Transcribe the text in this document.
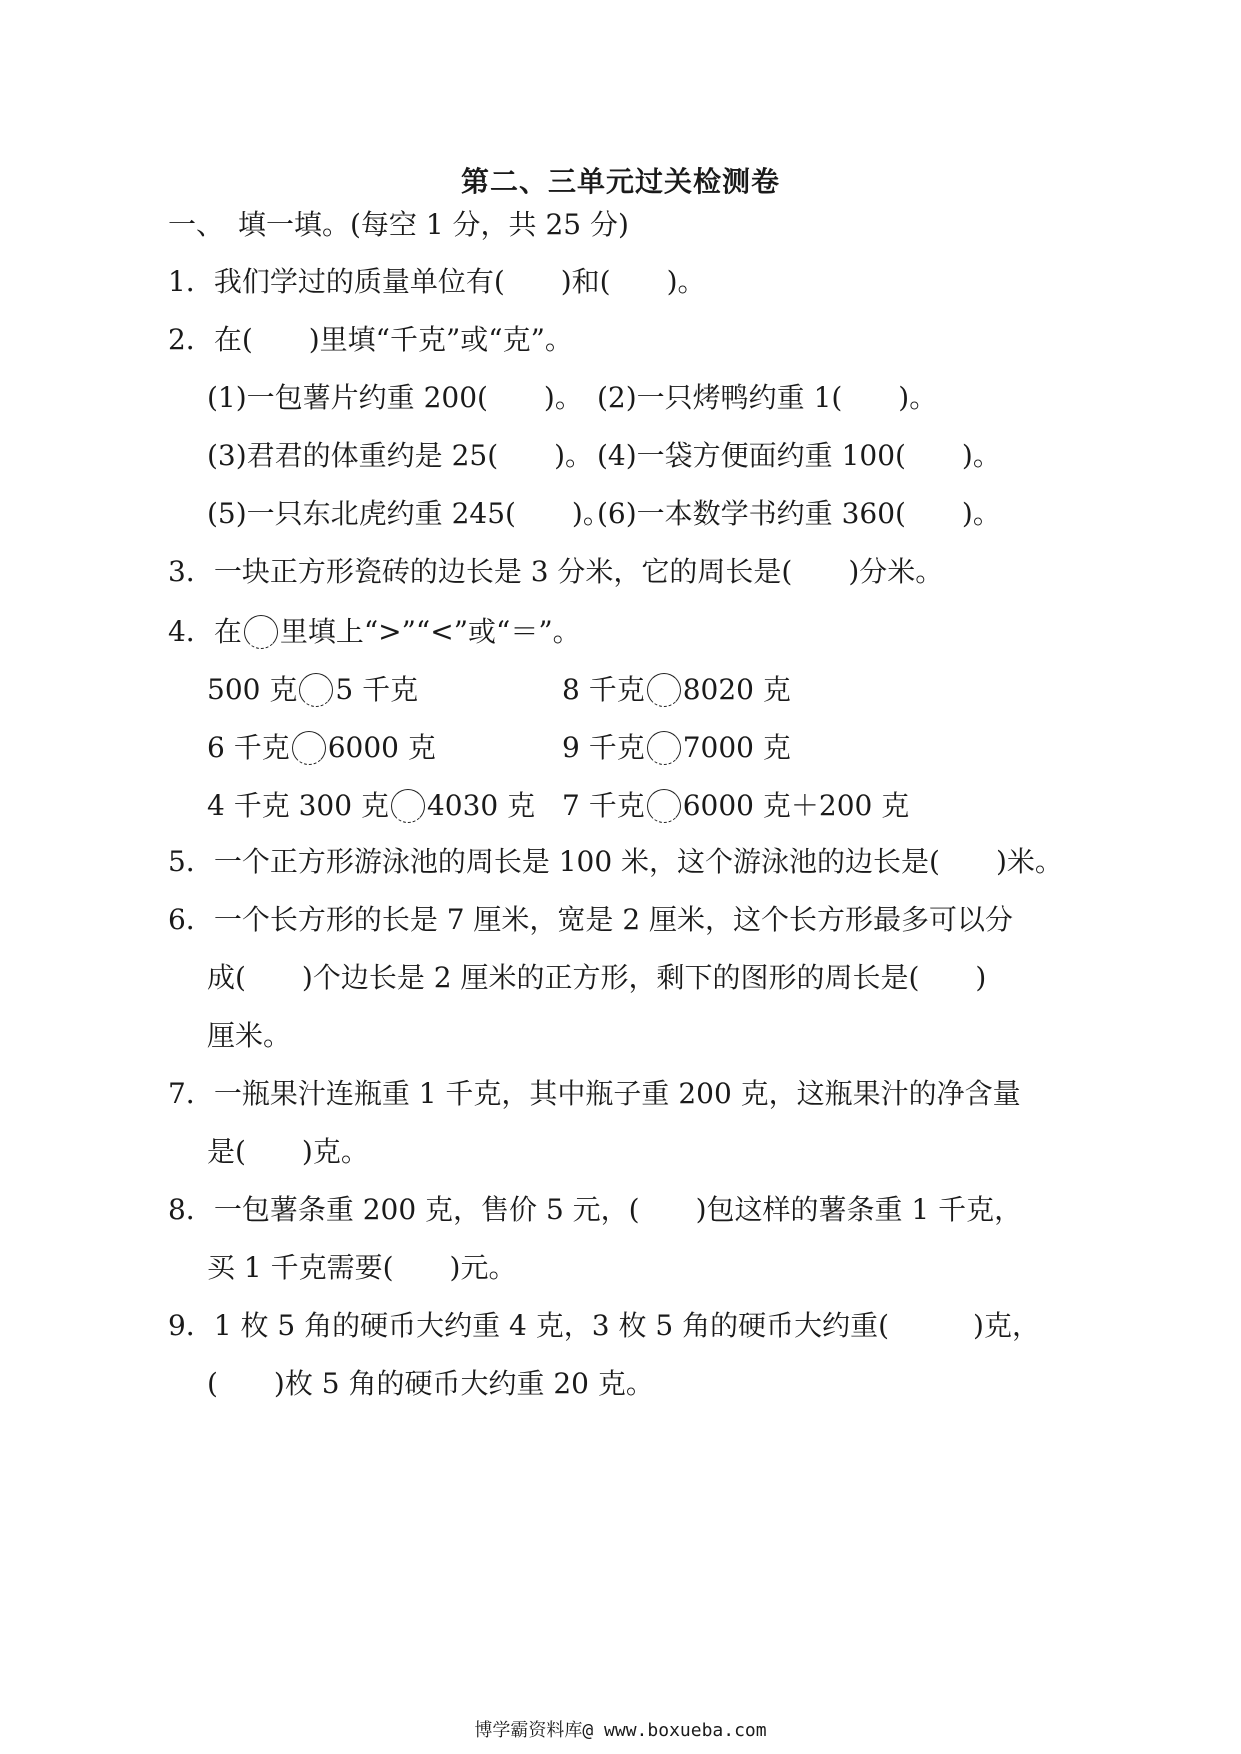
第二、三单元过关检测卷
一、　填一填。(每空 1 分，共 25 分)
1．我们学过的质量单位有(　　)和(　　)。
2．在(　　)里填“千克”或“克”。
(1)一包薯片约重 200(　　)。 (2)一只烤鸭约重 1(　　)。
(3)君君的体重约是 25(　　)。 (4)一袋方便面约重 100(　　)。
(5)一只东北虎约重 245(　　)。
(6)一本数学书约重 360(　　)。
3．一块正方形瓷砖的边长是 3 分米，它的周长是(　　)分米。
4．在 里填上“>”“<”或“＝”。
500 克 5 千克	8 千克 8020 克
6 千克 6000 克	9 千克 7000 克
4 千克 300 克 4030 克 7 千克 6000 克＋200 克
5．一个正方形游泳池的周长是 100 米，这个游泳池的边长是(　　)米。
6．一个长方形的长是 7 厘米，宽是 2 厘米，这个长方形最多可以分
成(　　)个边长是 2 厘米的正方形，剩下的图形的周长是(　　)
厘米。
7．一瓶果汁连瓶重 1 千克，其中瓶子重 200 克，这瓶果汁的净含量
是(　　)克。
8．一包薯条重 200 克，售价 5 元，(　　)包这样的薯条重 1 千克，
买 1 千克需要(　　)元。
9．1 枚 5 角的硬币大约重 4 克，3 枚 5 角的硬币大约重(　　　)克，
(　　)枚 5 角的硬币大约重 20 克。
博学霸资料库@ www.boxueba.com
